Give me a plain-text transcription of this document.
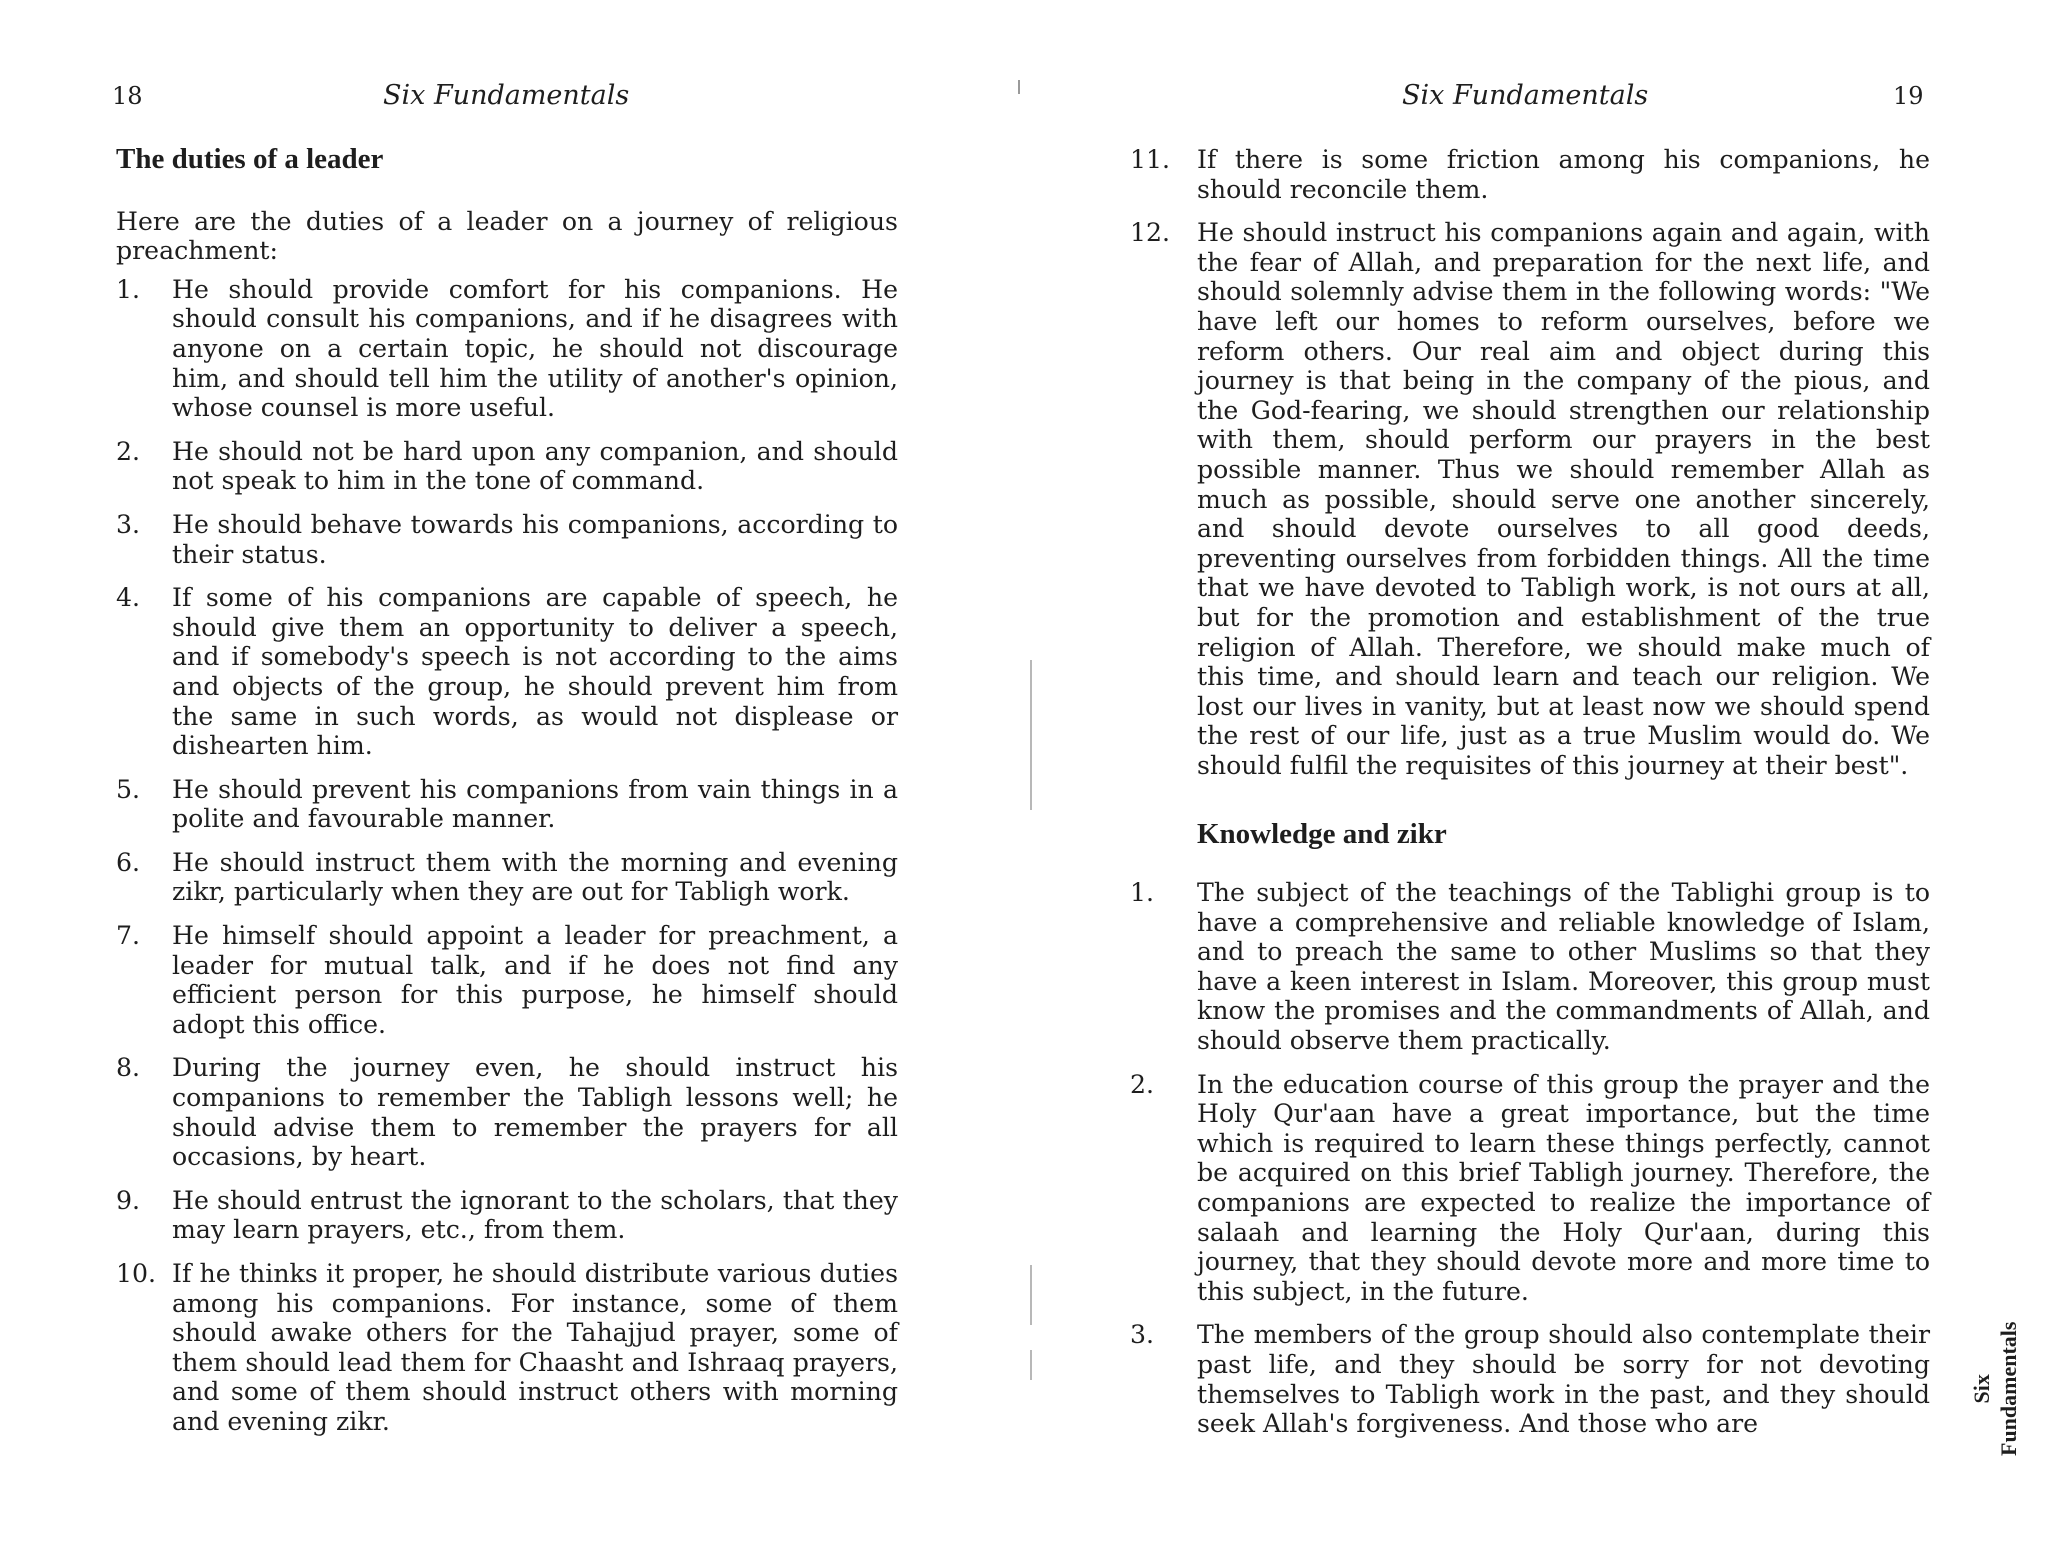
18	Six Fundamentals
The duties of a leader

Here are the duties of a leader on a journey of religious preachment:

1.	He should provide comfort for his companions. He should consult his companions, and if he disagrees with anyone on a certain topic, he should not discourage him, and should tell him the utility of another's opinion, whose counsel is more useful.
2.	He should not be hard upon any companion, and should not speak to him in the tone of command.
3.	He should behave towards his companions, according to their status.
4.	If some of his companions are capable of speech, he should give them an opportunity to deliver a speech, and if somebody's speech is not according to the aims and objects of the group, he should prevent him from the same in such words, as would not displease or dishearten him.
5.	He should prevent his companions from vain things in a polite and favourable manner.
6.	He should instruct them with the morning and evening zikr, particularly when they are out for Tabligh work.
7.	He himself should appoint a leader for preachment, a leader for mutual talk, and if he does not find any efficient person for this purpose, he himself should adopt this office.
8.	During the journey even, he should instruct his companions to remember the Tabligh lessons well; he should advise them to remember the prayers for all occasions, by heart.
9.	He should entrust the ignorant to the scholars, that they may learn prayers, etc., from them.
10. If he thinks it proper, he should distribute various duties among his companions. For instance, some of them should awake others for the Tahajjud prayer, some of them should lead them for Chaasht and Ishraaq prayers, and some of them should instruct others with morning and evening zikr.
Six Fundamentals	19
11.	If there is some friction among his companions, he should reconcile them.
12.	He should instruct his companions again and again, with the fear of Allah, and preparation for the next life, and should solemnly advise them in the following words: "We have left our homes to reform ourselves, before we reform others. Our real aim and object during this journey is that being in the company of the pious, and the God-fearing, we should strengthen our relationship with them, should perform our prayers in the best possible manner. Thus we should remember Allah as much as possible, should serve one another sincerely, and should devote ourselves to all good deeds, preventing ourselves from forbidden things. All the time that we have devoted to Tabligh work, is not ours at all, but for the promotion and establishment of the true religion of Allah. Therefore, we should make much of this time, and should learn and teach our religion. We lost our lives in vanity, but at least now we should spend the rest of our life, just as a true Muslim would do. We should fulfil the requisites of this journey at their best".
Knowledge and zikr
1.	The subject of the teachings of the Tablighi group is to have a comprehensive and reliable knowledge of Islam, and to preach the same to other Muslims so that they have a keen interest in Islam. Moreover, this group must know the promises and the commandments of Allah, and should observe them practically.
2.	In the education course of this group the prayer and the Holy Qur'aan have a great importance, but the time which is required to learn these things perfectly, cannot be acquired on this brief Tabligh journey. Therefore, the companions are expected to realize the importance of salaah and learning the Holy Qur'aan, during this journey, that they should devote more and more time to this subject, in the future.
3.	The members of the group should also contemplate their past life, and they should be sorry for not devoting themselves to Tabligh work in the past, and they should seek Allah's forgiveness. And those who are
Six Fundamentals
